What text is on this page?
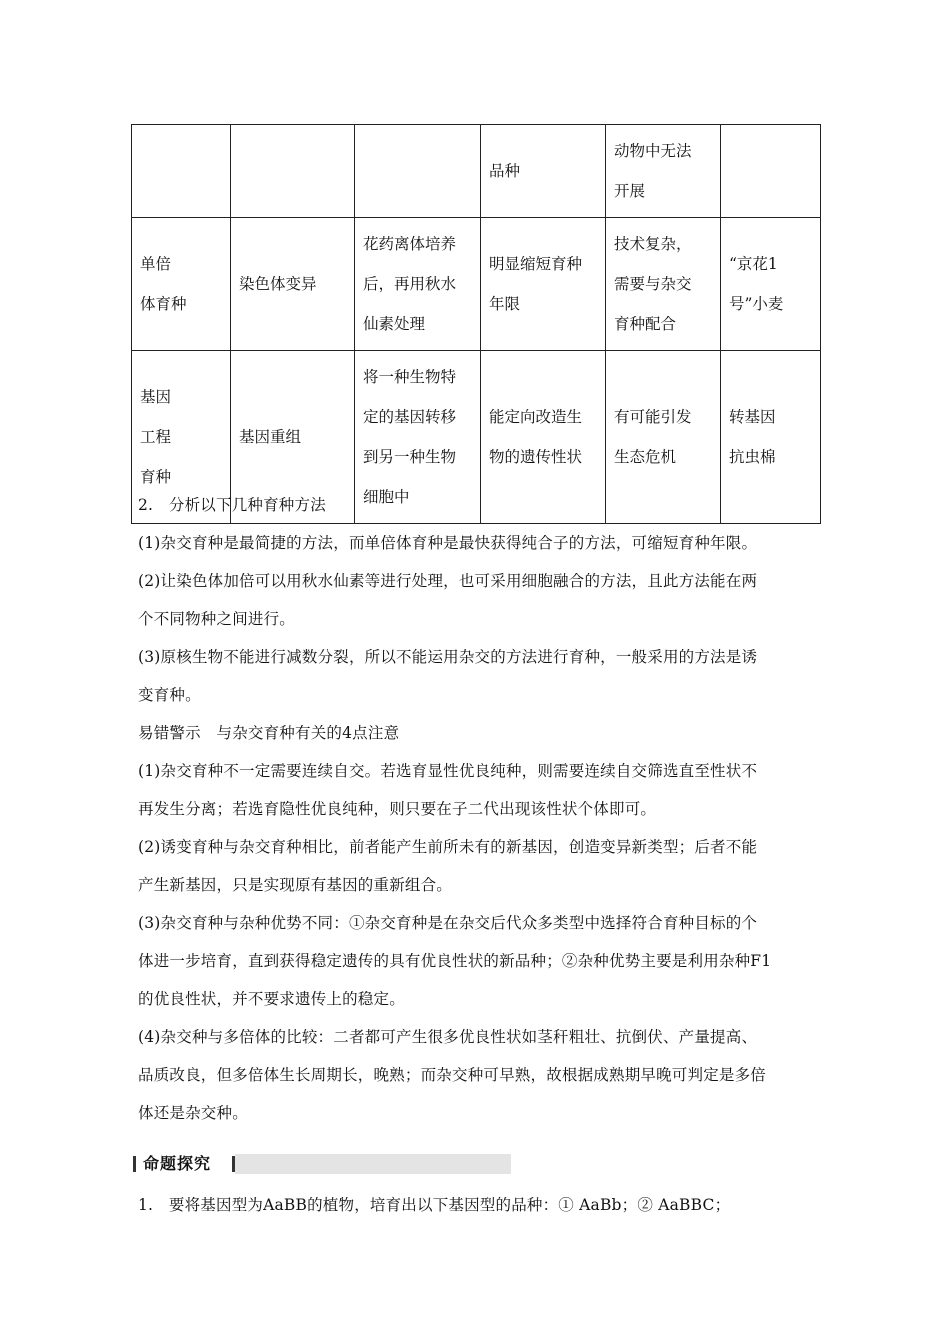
			品种	动物中无法
开展	

单倍
体育种	染色体变异	花药离体培养
后，再用秋水
仙素处理	明显缩短育种
年限	技术复杂，
需要与杂交
育种配合	“京花1
号”小麦

基因
工程
育种	基因重组	将一种生物特
定的基因转移
到另一种生物
细胞中	能定向改造生
物的遗传性状	有可能引发
生态危机	转基因
抗虫棉
2.　分析以下几种育种方法
(1)杂交育种是最简捷的方法，而单倍体育种是最快获得纯合子的方法，可缩短育种年限。
(2)让染色体加倍可以用秋水仙素等进行处理，也可采用细胞融合的方法，且此方法能在两
个不同物种之间进行。
(3)原核生物不能进行减数分裂，所以不能运用杂交的方法进行育种，一般采用的方法是诱
变育种。
易错警示　与杂交育种有关的4点注意
(1)杂交育种不一定需要连续自交。若选育显性优良纯种，则需要连续自交筛选直至性状不
再发生分离；若选育隐性优良纯种，则只要在子二代出现该性状个体即可。
(2)诱变育种与杂交育种相比，前者能产生前所未有的新基因，创造变异新类型；后者不能
产生新基因，只是实现原有基因的重新组合。
(3)杂交育种与杂种优势不同：①杂交育种是在杂交后代众多类型中选择符合育种目标的个
体进一步培育，直到获得稳定遗传的具有优良性状的新品种；②杂种优势主要是利用杂种F1
的优良性状，并不要求遗传上的稳定。
(4)杂交种与多倍体的比较：二者都可产生很多优良性状如茎秆粗壮、抗倒伏、产量提高、
品质改良，但多倍体生长周期长，晚熟；而杂交种可早熟，故根据成熟期早晚可判定是多倍
体还是杂交种。
命题探究
1.　要将基因型为AaBB的植物，培育出以下基因型的品种：① AaBb；② AaBBC；
